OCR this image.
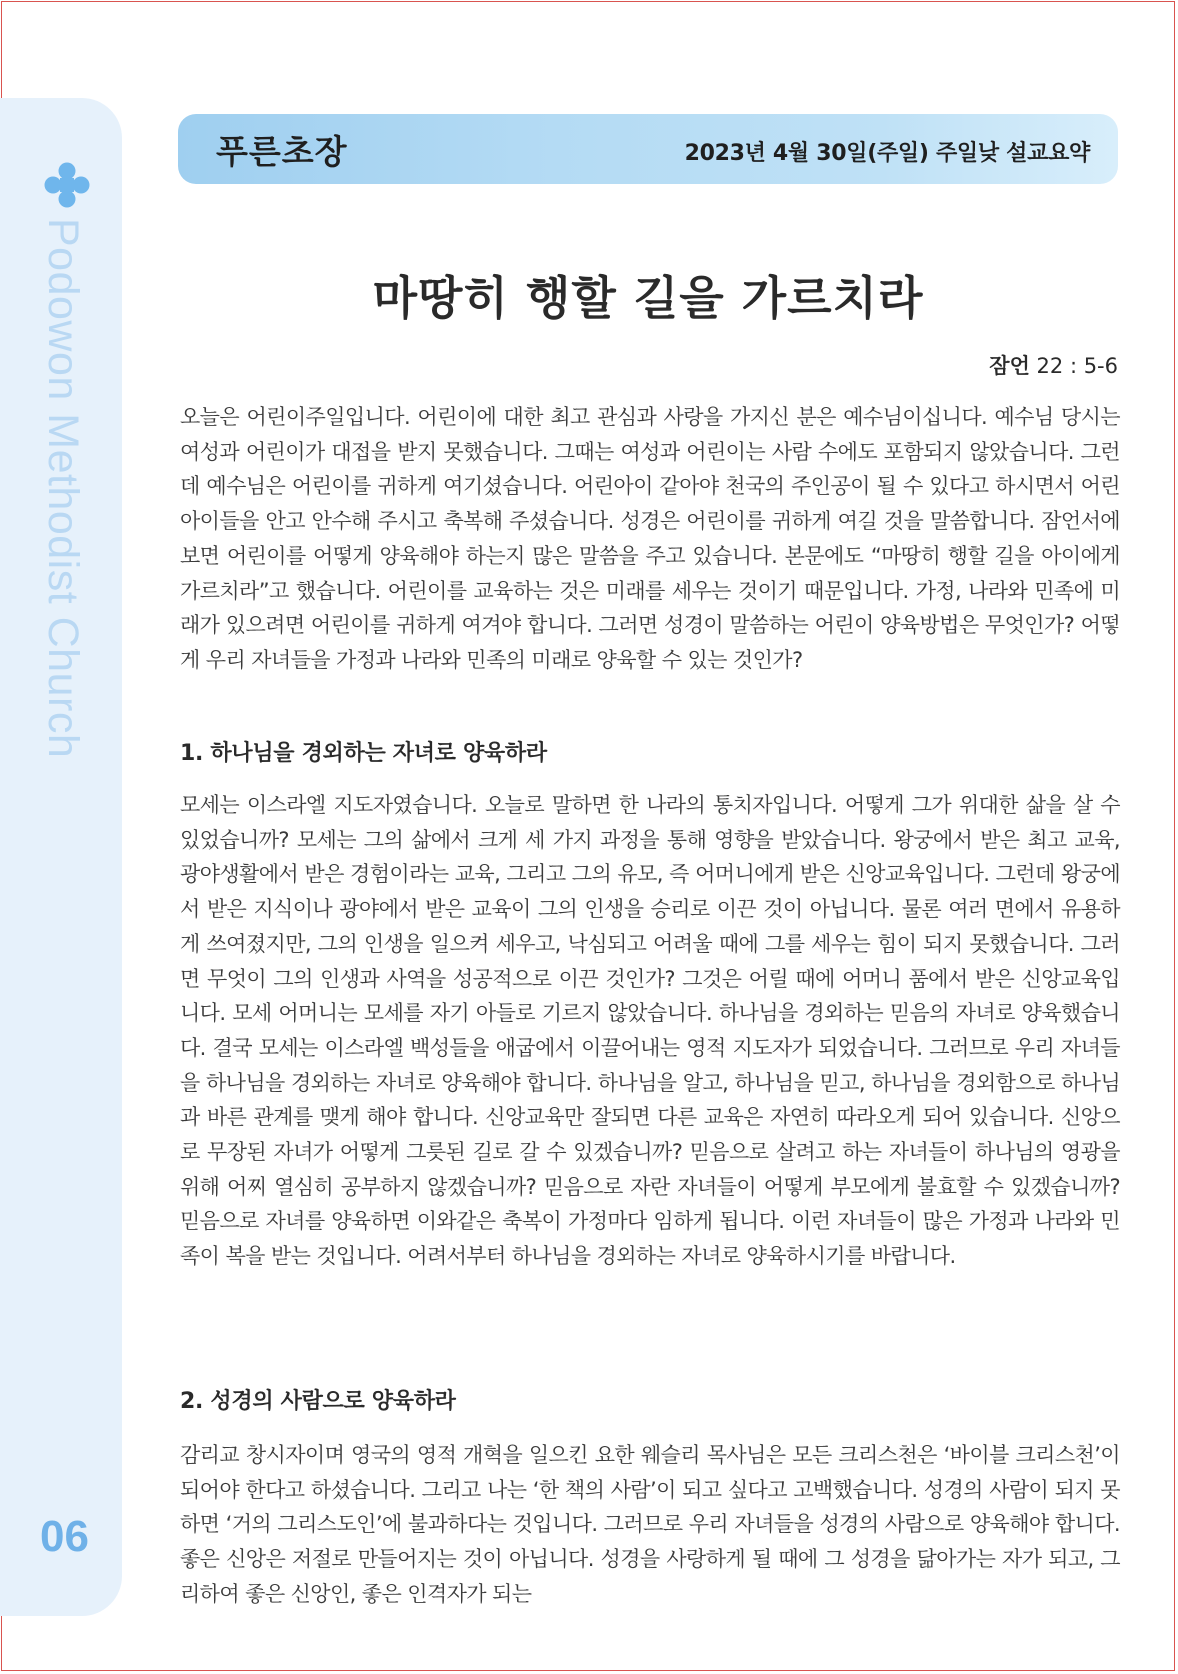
Podowon Methodist Church
06
푸른초장	2023년 4월 30일(주일) 주일낮 설교요약
마땅히 행할 길을 가르치라
잠언 22 : 5-6

오늘은 어린이주일입니다. 어린이에 대한 최고 관심과 사랑을 가지신 분은 예수님이십니다. 예수님 당시는 여성과 어린이가 대접을 받지 못했습니다. 그때는 여성과 어린이는 사람 수에도 포함되지 않았습니다. 그런데 예수님은 어린이를 귀하게 여기셨습니다. 어린아이 같아야 천국의 주인공이 될 수 있다고 하시면서 어린아이들을 안고 안수해 주시고 축복해 주셨습니다. 성경은 어린이를 귀하게 여길 것을 말씀합니다. 잠언서에 보면 어린이를 어떻게 양육해야 하는지 많은 말씀을 주고 있습니다. 본문에도 “마땅히 행할 길을 아이에게 가르치라”고 했습니다. 어린이를 교육하는 것은 미래를 세우는 것이기 때문입니다. 가정, 나라와 민족에 미래가 있으려면 어린이를 귀하게 여겨야 합니다. 그러면 성경이 말씀하는 어린이 양육방법은 무엇인가? 어떻게 우리 자녀들을 가정과 나라와 민족의 미래로 양육할 수 있는 것인가?

1. 하나님을 경외하는 자녀로 양육하라

모세는 이스라엘 지도자였습니다. 오늘로 말하면 한 나라의 통치자입니다. 어떻게 그가 위대한 삶을 살 수 있었습니까? 모세는 그의 삶에서 크게 세 가지 과정을 통해 영향을 받았습니다. 왕궁에서 받은 최고 교육, 광야생활에서 받은 경험이라는 교육, 그리고 그의 유모, 즉 어머니에게 받은 신앙교육입니다. 그런데 왕궁에서 받은 지식이나 광야에서 받은 교육이 그의 인생을 승리로 이끈 것이 아닙니다. 물론 여러 면에서 유용하게 쓰여졌지만, 그의 인생을 일으켜 세우고, 낙심되고 어려울 때에 그를 세우는 힘이 되지 못했습니다. 그러면 무엇이 그의 인생과 사역을 성공적으로 이끈 것인가? 그것은 어릴 때에 어머니 품에서 받은 신앙교육입니다. 모세 어머니는 모세를 자기 아들로 기르지 않았습니다. 하나님을 경외하는 믿음의 자녀로 양육했습니다. 결국 모세는 이스라엘 백성들을 애굽에서 이끌어내는 영적 지도자가 되었습니다. 그러므로 우리 자녀들을 하나님을 경외하는 자녀로 양육해야 합니다. 하나님을 알고, 하나님을 믿고, 하나님을 경외함으로 하나님과 바른 관계를 맺게 해야 합니다. 신앙교육만 잘되면 다른 교육은 자연히 따라오게 되어 있습니다. 신앙으로 무장된 자녀가 어떻게 그릇된 길로 갈 수 있겠습니까? 믿음으로 살려고 하는 자녀들이 하나님의 영광을 위해 어찌 열심히 공부하지 않겠습니까? 믿음으로 자란 자녀들이 어떻게 부모에게 불효할 수 있겠습니까? 믿음으로 자녀를 양육하면 이와같은 축복이 가정마다 임하게 됩니다. 이런 자녀들이 많은 가정과 나라와 민족이 복을 받는 것입니다. 어려서부터 하나님을 경외하는 자녀로 양육하시기를 바랍니다.

2. 성경의 사람으로 양육하라

감리교 창시자이며 영국의 영적 개혁을 일으킨 요한 웨슬리 목사님은 모든 크리스천은 ‘바이블 크리스천’이 되어야 한다고 하셨습니다. 그리고 나는 ‘한 책의 사람’이 되고 싶다고 고백했습니다. 성경의 사람이 되지 못하면 ‘거의 그리스도인’에 불과하다는 것입니다. 그러므로 우리 자녀들을 성경의 사람으로 양육해야 합니다. 좋은 신앙은 저절로 만들어지는 것이 아닙니다. 성경을 사랑하게 될 때에 그 성경을 닮아가는 자가 되고, 그리하여 좋은 신앙인, 좋은 인격자가 되는
